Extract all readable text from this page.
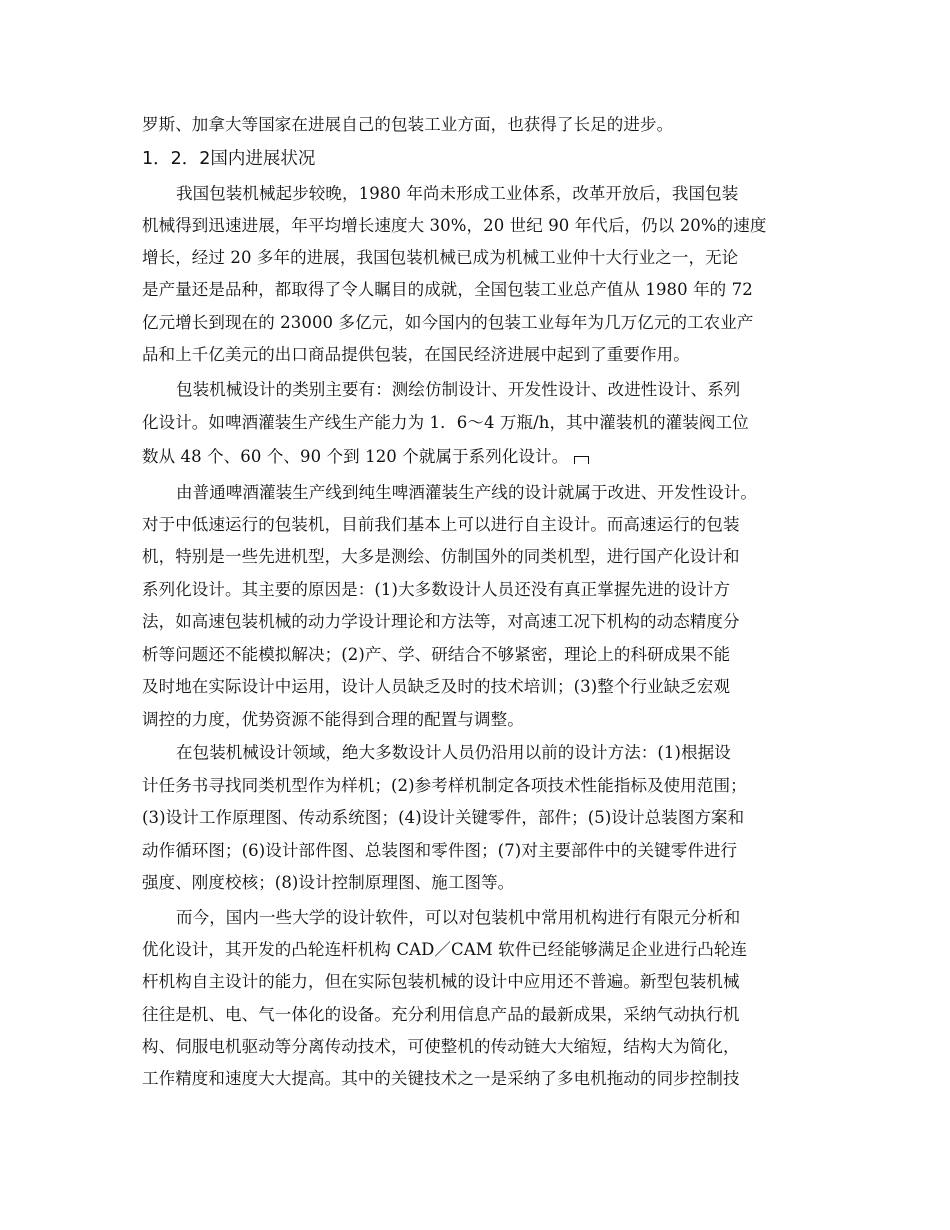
罗斯、加拿大等国家在进展自己的包装工业方面，也获得了长足的进步。

1．2．2国内进展状况

我国包装机械起步较晚，1980 年尚未形成工业体系，改革开放后，我国包装

机械得到迅速进展，年平均增长速度大 30%，20 世纪 90 年代后，仍以 20%的速度

增长，经过 20 多年的进展，我国包装机械已成为机械工业仲十大行业之一，无论

是产量还是品种，都取得了令人瞩目的成就，全国包装工业总产值从 1980 年的 72

亿元增长到现在的 23000 多亿元，如今国内的包装工业每年为几万亿元的工农业产

品和上千亿美元的出口商品提供包装，在国民经济进展中起到了重要作用。

包装机械设计的类别主要有：测绘仿制设计、开发性设计、改进性设计、系列

化设计。如啤酒灌装生产线生产能力为 1．6～4 万瓶/h，其中灌装机的灌装阀工位

数从 48 个、60 个、90 个到 120 个就属于系列化设计。

由普通啤酒灌装生产线到纯生啤酒灌装生产线的设计就属于改进、开发性设计。

对于中低速运行的包装机，目前我们基本上可以进行自主设计。而高速运行的包装

机，特别是一些先进机型，大多是测绘、仿制国外的同类机型，进行国产化设计和

系列化设计。其主要的原因是：(1)大多数设计人员还没有真正掌握先进的设计方

法，如高速包装机械的动力学设计理论和方法等，对高速工况下机构的动态精度分

析等问题还不能模拟解决；(2)产、学、研结合不够紧密，理论上的科研成果不能

及时地在实际设计中运用，设计人员缺乏及时的技术培训；(3)整个行业缺乏宏观

调控的力度，优势资源不能得到合理的配置与调整。

在包装机械设计领域，绝大多数设计人员仍沿用以前的设计方法：(1)根据设

计任务书寻找同类机型作为样机；(2)参考样机制定各项技术性能指标及使用范围；

(3)设计工作原理图、传动系统图；(4)设计关键零件，部件；(5)设计总装图方案和

动作循环图；(6)设计部件图、总装图和零件图；(7)对主要部件中的关键零件进行

强度、刚度校核；(8)设计控制原理图、施工图等。

而今，国内一些大学的设计软件，可以对包装机中常用机构进行有限元分析和

优化设计，其开发的凸轮连杆机构 CAD／CAM 软件已经能够满足企业进行凸轮连

杆机构自主设计的能力，但在实际包装机械的设计中应用还不普遍。新型包装机械

往往是机、电、气一体化的设备。充分利用信息产品的最新成果，采纳气动执行机

构、伺服电机驱动等分离传动技术，可使整机的传动链大大缩短，结构大为简化，

工作精度和速度大大提高。其中的关键技术之一是采纳了多电机拖动的同步控制技
